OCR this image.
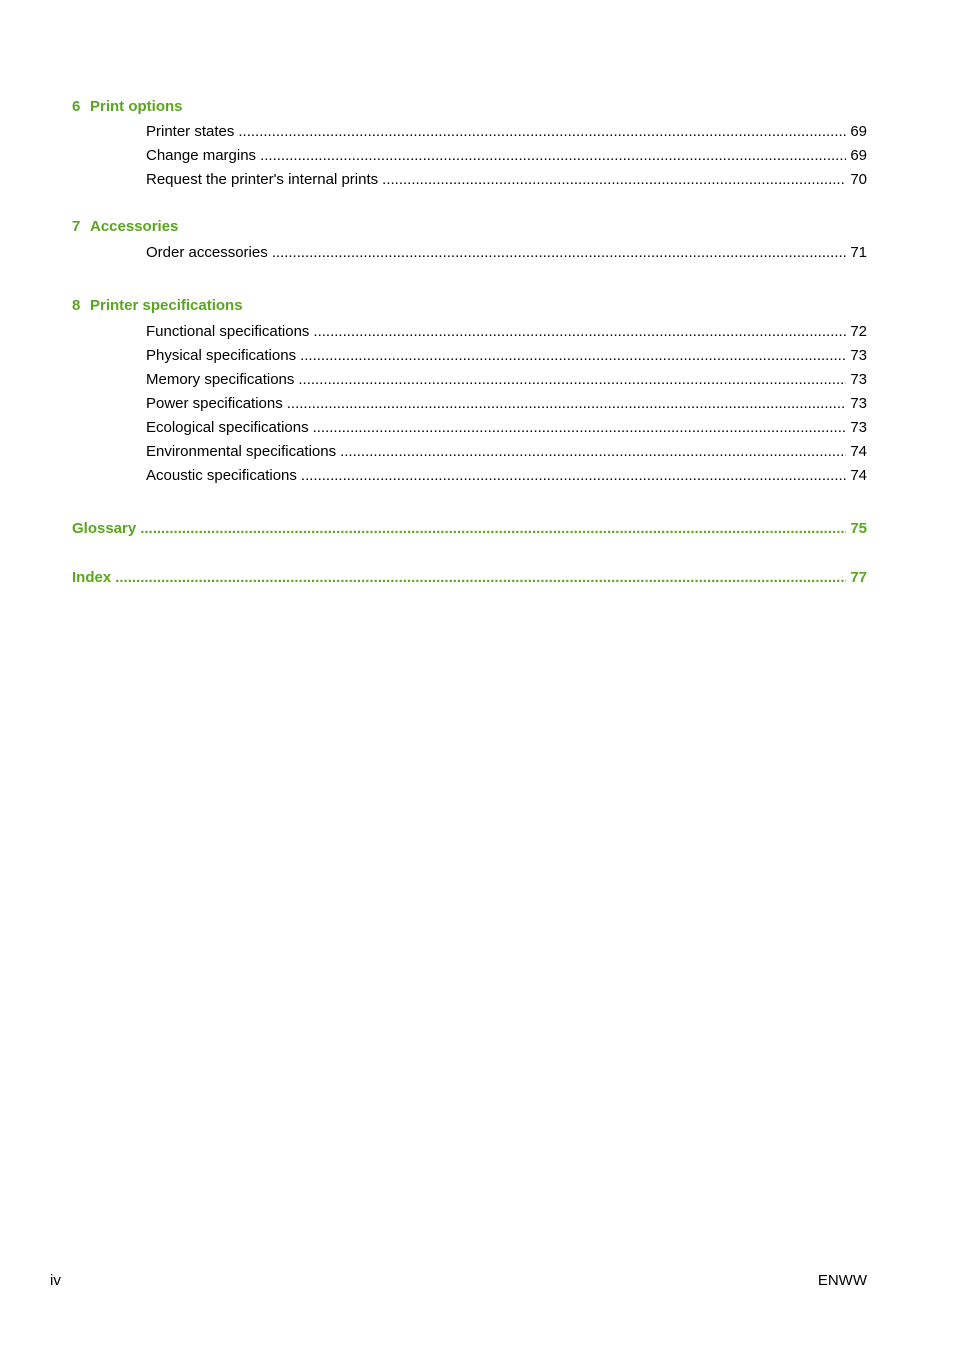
6 Print options
Printer states .....	69
Change margins .....	69
Request the printer's internal prints .....	70
7 Accessories
Order accessories .....	71
8 Printer specifications
Functional specifications .....	72
Physical specifications .....	73
Memory specifications .....	73
Power specifications .....	73
Ecological specifications .....	73
Environmental specifications .....	74
Acoustic specifications .....	74
Glossary .....	75
Index .....	77
iv	ENWW
